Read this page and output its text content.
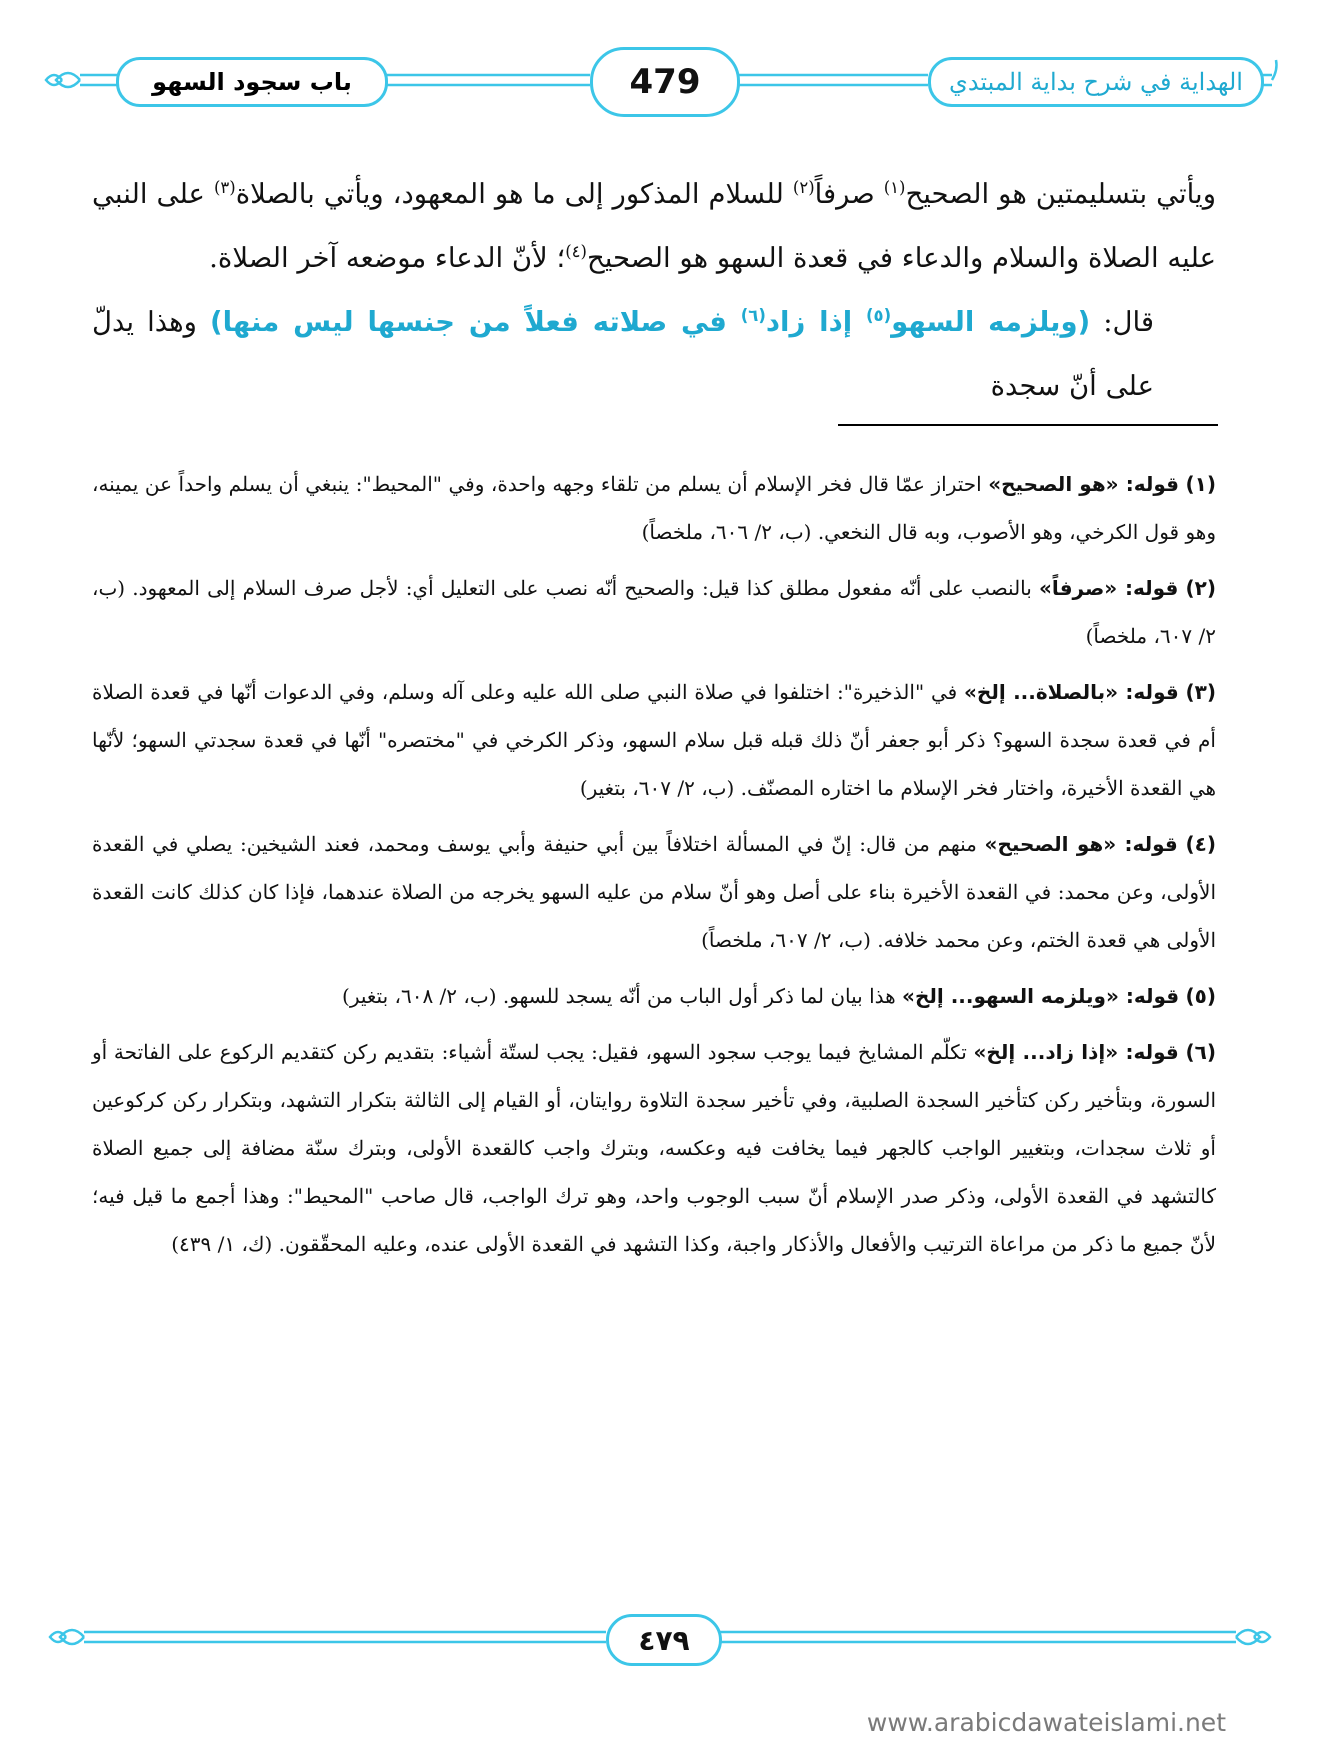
الهداية في شرح بداية المبتدي
479
باب سجود السهو

ويأتي بتسليمتين هو الصحيح$^{(١)}$ صرفاً$^{(٢)}$ للسلام المذكور إلى ما هو المعهود، ويأتي بالصلاة$^{(٣)}$ على النبي عليه الصلاة والسلام والدعاء في قعدة السهو هو الصحيح$^{(٤)}$؛ لأنّ الدعاء موضعه آخر الصلاة.

قال: (ويلزمه السهو$^{(٥)}$ إذا زاد$^{(٦)}$ في صلاته فعلاً من جنسها ليس منها) وهذا يدلّ على أنّ سجدة

(١) قوله: «هو الصحيح» احتراز عمّا قال فخر الإسلام أن يسلم من تلقاء وجهه واحدة، وفي "المحيط": ينبغي أن يسلم واحداً عن يمينه، وهو قول الكرخي، وهو الأصوب، وبه قال النخعي. (ب، ٢/ ٦٠٦، ملخصاً)

(٢) قوله: «صرفاً» بالنصب على أنّه مفعول مطلق كذا قيل: والصحيح أنّه نصب على التعليل أي: لأجل صرف السلام إلى المعهود. (ب، ٢/ ٦٠٧، ملخصاً)

(٣) قوله: «بالصلاة... إلخ» في "الذخيرة": اختلفوا في صلاة النبي صلى الله عليه وعلى آله وسلم، وفي الدعوات أنّها في قعدة الصلاة أم في قعدة سجدة السهو؟ ذكر أبو جعفر أنّ ذلك قبله قبل سلام السهو، وذكر الكرخي في "مختصره" أنّها في قعدة سجدتي السهو؛ لأنّها هي القعدة الأخيرة، واختار فخر الإسلام ما اختاره المصنّف. (ب، ٢/ ٦٠٧، بتغير)

(٤) قوله: «هو الصحيح» منهم من قال: إنّ في المسألة اختلافاً بين أبي حنيفة وأبي يوسف ومحمد، فعند الشيخين: يصلي في القعدة الأولى، وعن محمد: في القعدة الأخيرة بناء على أصل وهو أنّ سلام من عليه السهو يخرجه من الصلاة عندهما، فإذا كان كذلك كانت القعدة الأولى هي قعدة الختم، وعن محمد خلافه. (ب، ٢/ ٦٠٧، ملخصاً)

(٥) قوله: «ويلزمه السهو... إلخ» هذا بيان لما ذكر أول الباب من أنّه يسجد للسهو. (ب، ٢/ ٦٠٨، بتغير)

(٦) قوله: «إذا زاد... إلخ» تكلّم المشايخ فيما يوجب سجود السهو، فقيل: يجب لستّة أشياء: بتقديم ركن كتقديم الركوع على الفاتحة أو السورة، وبتأخير ركن كتأخير السجدة الصلبية، وفي تأخير سجدة التلاوة روايتان، أو القيام إلى الثالثة بتكرار التشهد، وبتكرار ركن كركوعين أو ثلاث سجدات، وبتغيير الواجب كالجهر فيما يخافت فيه وعكسه، وبترك واجب كالقعدة الأولى، وبترك سنّة مضافة إلى جميع الصلاة كالتشهد في القعدة الأولى، وذكر صدر الإسلام أنّ سبب الوجوب واحد، وهو ترك الواجب، قال صاحب "المحيط": وهذا أجمع ما قيل فيه؛ لأنّ جميع ما ذكر من مراعاة الترتيب والأفعال والأذكار واجبة، وكذا التشهد في القعدة الأولى عنده، وعليه المحقّقون. (ك، ١/ ٤٣٩)

٤٧٩
www.arabicdawateislami.net
